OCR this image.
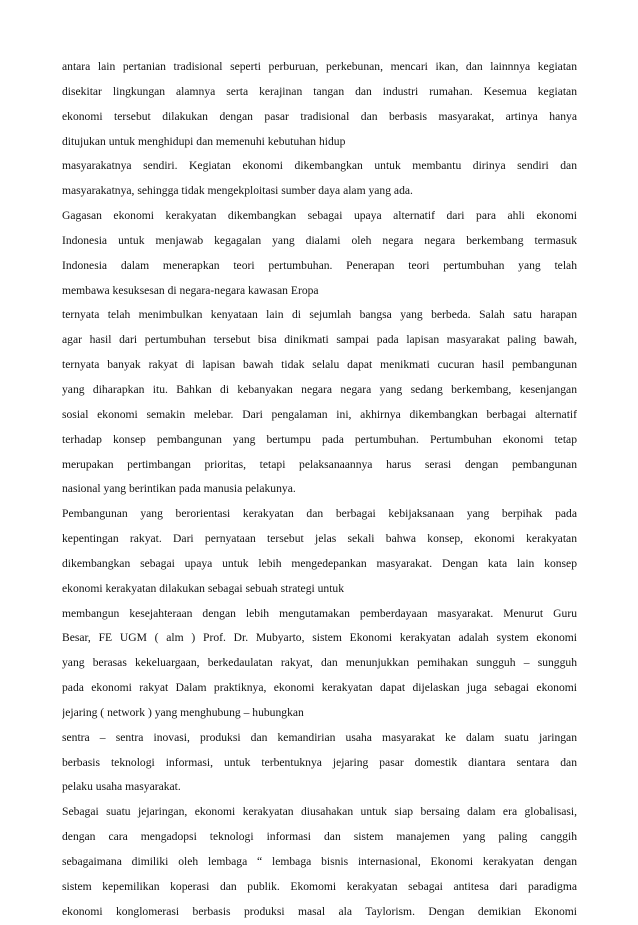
antara lain pertanian tradisional seperti perburuan, perkebunan, mencari ikan, dan lainnnya kegiatan
disekitar lingkungan alamnya serta kerajinan tangan dan industri rumahan. Kesemua kegiatan
ekonomi tersebut dilakukan dengan pasar tradisional dan berbasis masyarakat, artinya hanya
ditujukan untuk menghidupi dan memenuhi kebutuhan hidup
masyarakatnya sendiri. Kegiatan ekonomi dikembangkan untuk membantu dirinya sendiri dan
masyarakatnya, sehingga tidak mengekploitasi sumber daya alam yang ada.
Gagasan ekonomi kerakyatan dikembangkan sebagai upaya alternatif dari para ahli ekonomi
Indonesia untuk menjawab kegagalan yang dialami oleh negara negara berkembang termasuk
Indonesia dalam menerapkan teori pertumbuhan. Penerapan teori pertumbuhan yang telah
membawa kesuksesan di negara-negara kawasan Eropa
ternyata telah menimbulkan kenyataan lain di sejumlah bangsa yang berbeda. Salah satu harapan
agar hasil dari pertumbuhan tersebut bisa dinikmati sampai pada lapisan masyarakat paling bawah,
ternyata banyak rakyat di lapisan bawah tidak selalu dapat menikmati cucuran hasil pembangunan
yang diharapkan itu. Bahkan di kebanyakan negara negara yang sedang berkembang, kesenjangan
sosial ekonomi semakin melebar. Dari pengalaman ini, akhirnya dikembangkan berbagai alternatif
terhadap konsep pembangunan yang bertumpu pada pertumbuhan. Pertumbuhan ekonomi tetap
merupakan pertimbangan prioritas, tetapi pelaksanaannya harus serasi dengan pembangunan
nasional yang berintikan pada manusia pelakunya.
Pembangunan yang berorientasi kerakyatan dan berbagai kebijaksanaan yang berpihak pada
kepentingan rakyat. Dari pernyataan tersebut jelas sekali bahwa konsep, ekonomi kerakyatan
dikembangkan sebagai upaya untuk lebih mengedepankan masyarakat. Dengan kata lain konsep
ekonomi kerakyatan dilakukan sebagai sebuah strategi untuk
membangun kesejahteraan dengan lebih mengutamakan pemberdayaan masyarakat. Menurut Guru
Besar, FE UGM ( alm ) Prof. Dr. Mubyarto, sistem Ekonomi kerakyatan adalah system ekonomi
yang berasas kekeluargaan, berkedaulatan rakyat, dan menunjukkan pemihakan sungguh – sungguh
pada ekonomi rakyat Dalam praktiknya, ekonomi kerakyatan dapat dijelaskan juga sebagai ekonomi
jejaring ( network ) yang menghubung – hubungkan
sentra – sentra inovasi, produksi dan kemandirian usaha masyarakat ke dalam suatu jaringan
berbasis teknologi informasi, untuk terbentuknya jejaring pasar domestik diantara sentara dan
pelaku usaha masyarakat.
Sebagai suatu jejaringan, ekonomi kerakyatan diusahakan untuk siap bersaing dalam era globalisasi,
dengan cara mengadopsi teknologi informasi dan sistem manajemen yang paling canggih
sebagaimana dimiliki oleh lembaga “ lembaga bisnis internasional, Ekonomi kerakyatan dengan
sistem kepemilikan koperasi dan publik. Ekomomi kerakyatan sebagai antitesa dari paradigma
ekonomi konglomerasi berbasis produksi masal ala Taylorism. Dengan demikian Ekonomi
